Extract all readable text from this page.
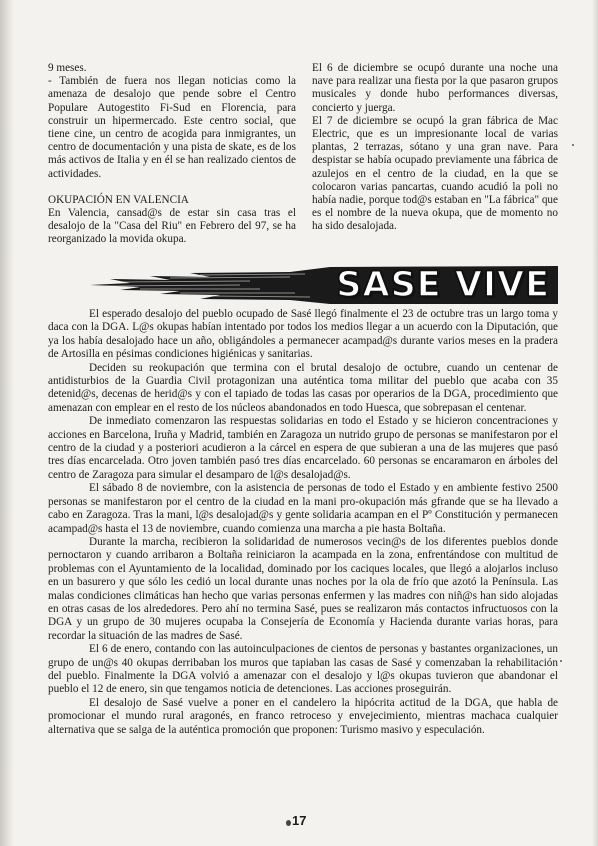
9 meses.

- También de fuera nos llegan noticias como la amenaza de desalojo que pende sobre el Centro Populare Autogestito Fi-Sud en Florencia, para construir un hipermercado. Este centro social, que tiene cine, un centro de acogida para inmigrantes, un centro de documentación y una pista de skate, es de los más activos de Italia y en él se han realizado cientos de actividades.

OKUPACIÓN EN VALENCIA

En Valencia, cansad@s de estar sin casa tras el desalojo de la "Casa del Riu" en Febrero del 97, se ha reorganizado la movida okupa.

El 6 de diciembre se ocupó durante una noche una nave para realizar una fiesta por la que pasaron grupos musicales y donde hubo performances diversas, concierto y juerga.

El 7 de diciembre se ocupó la gran fábrica de Mac Electric, que es un impresionante local de varias plantas, 2 terrazas, sótano y una gran nave. Para despistar se había ocupado previamente una fábrica de azulejos en el centro de la ciudad, en la que se colocaron varias pancartas, cuando acudió la poli no había nadie, porque tod@s estaban en "La fábrica" que es el nombre de la nueva okupa, que de momento no ha sido desalojada.

SASE VIVE

El esperado desalojo del pueblo ocupado de Sasé llegó finalmente el 23 de octubre tras un largo toma y daca con la DGA. L@s okupas habían intentado por todos los medios llegar a un acuerdo con la Diputación, que ya los había desalojado hace un año, obligándoles a permanecer acampad@s durante varios meses en la pradera de Artosilla en pésimas condiciones higiénicas y sanitarias.

Deciden su reokupación que termina con el brutal desalojo de octubre, cuando un centenar de antidisturbios de la Guardia Civil protagonizan una auténtica toma militar del pueblo que acaba con 35 detenid@s, decenas de herid@s y con el tapiado de todas las casas por operarios de la DGA, procedimiento que amenazan con emplear en el resto de los núcleos abandonados en todo Huesca, que sobrepasan el centenar.

De inmediato comenzaron las respuestas solidarias en todo el Estado y se hicieron concentraciones y acciones en Barcelona, Iruña y Madrid, también en Zaragoza un nutrido grupo de personas se manifestaron por el centro de la ciudad y a posteriori acudieron a la cárcel en espera de que subieran a una de las mujeres que pasó tres días encarcelada. Otro joven también pasó tres días encarcelado. 60 personas se encaramaron en árboles del centro de Zaragoza para simular el desamparo de l@s desalojad@s.

El sábado 8 de noviembre, con la asistencia de personas de todo el Estado y en ambiente festivo 2500 personas se manifestaron por el centro de la ciudad en la mani pro-okupación más gfrande que se ha llevado a cabo en Zaragoza. Tras la mani, l@s desalojad@s y gente solidaria acampan en el Pº Constitución y permanecen acampad@s hasta el 13 de noviembre, cuando comienza una marcha a pie hasta Boltaña.

Durante la marcha, recibieron la solidaridad de numerosos vecin@s de los diferentes pueblos donde pernoctaron y cuando arribaron a Boltaña reiniciaron la acampada en la zona, enfrentándose con multitud de problemas con el Ayuntamiento de la localidad, dominado por los caciques locales, que llegó a alojarlos incluso en un basurero y que sólo les cedió un local durante unas noches por la ola de frío que azotó la Península. Las malas condiciones climáticas han hecho que varias personas enfermen y las madres con niñ@s han sido alojadas en otras casas de los alrededores. Pero ahí no termina Sasé, pues se realizaron más contactos infructuosos con la DGA y un grupo de 30 mujeres ocupaba la Consejería de Economía y Hacienda durante varias horas, para recordar la situación de las madres de Sasé.

El 6 de enero, contando con las autoinculpaciones de cientos de personas y bastantes organizaciones, un grupo de un@s 40 okupas derribaban los muros que tapiaban las casas de Sasé y comenzaban la rehabilitación del pueblo. Finalmente la DGA volvió a amenazar con el desalojo y l@s okupas tuvieron que abandonar el pueblo el 12 de enero, sin que tengamos noticia de detenciones. Las acciones proseguirán.

El desalojo de Sasé vuelve a poner en el candelero la hipócrita actitud de la DGA, que habla de promocionar el mundo rural aragonés, en franco retroceso y envejecimiento, mientras machaca cualquier alternativa que se salga de la auténtica promoción que proponen: Turismo masivo y especulación.

17
